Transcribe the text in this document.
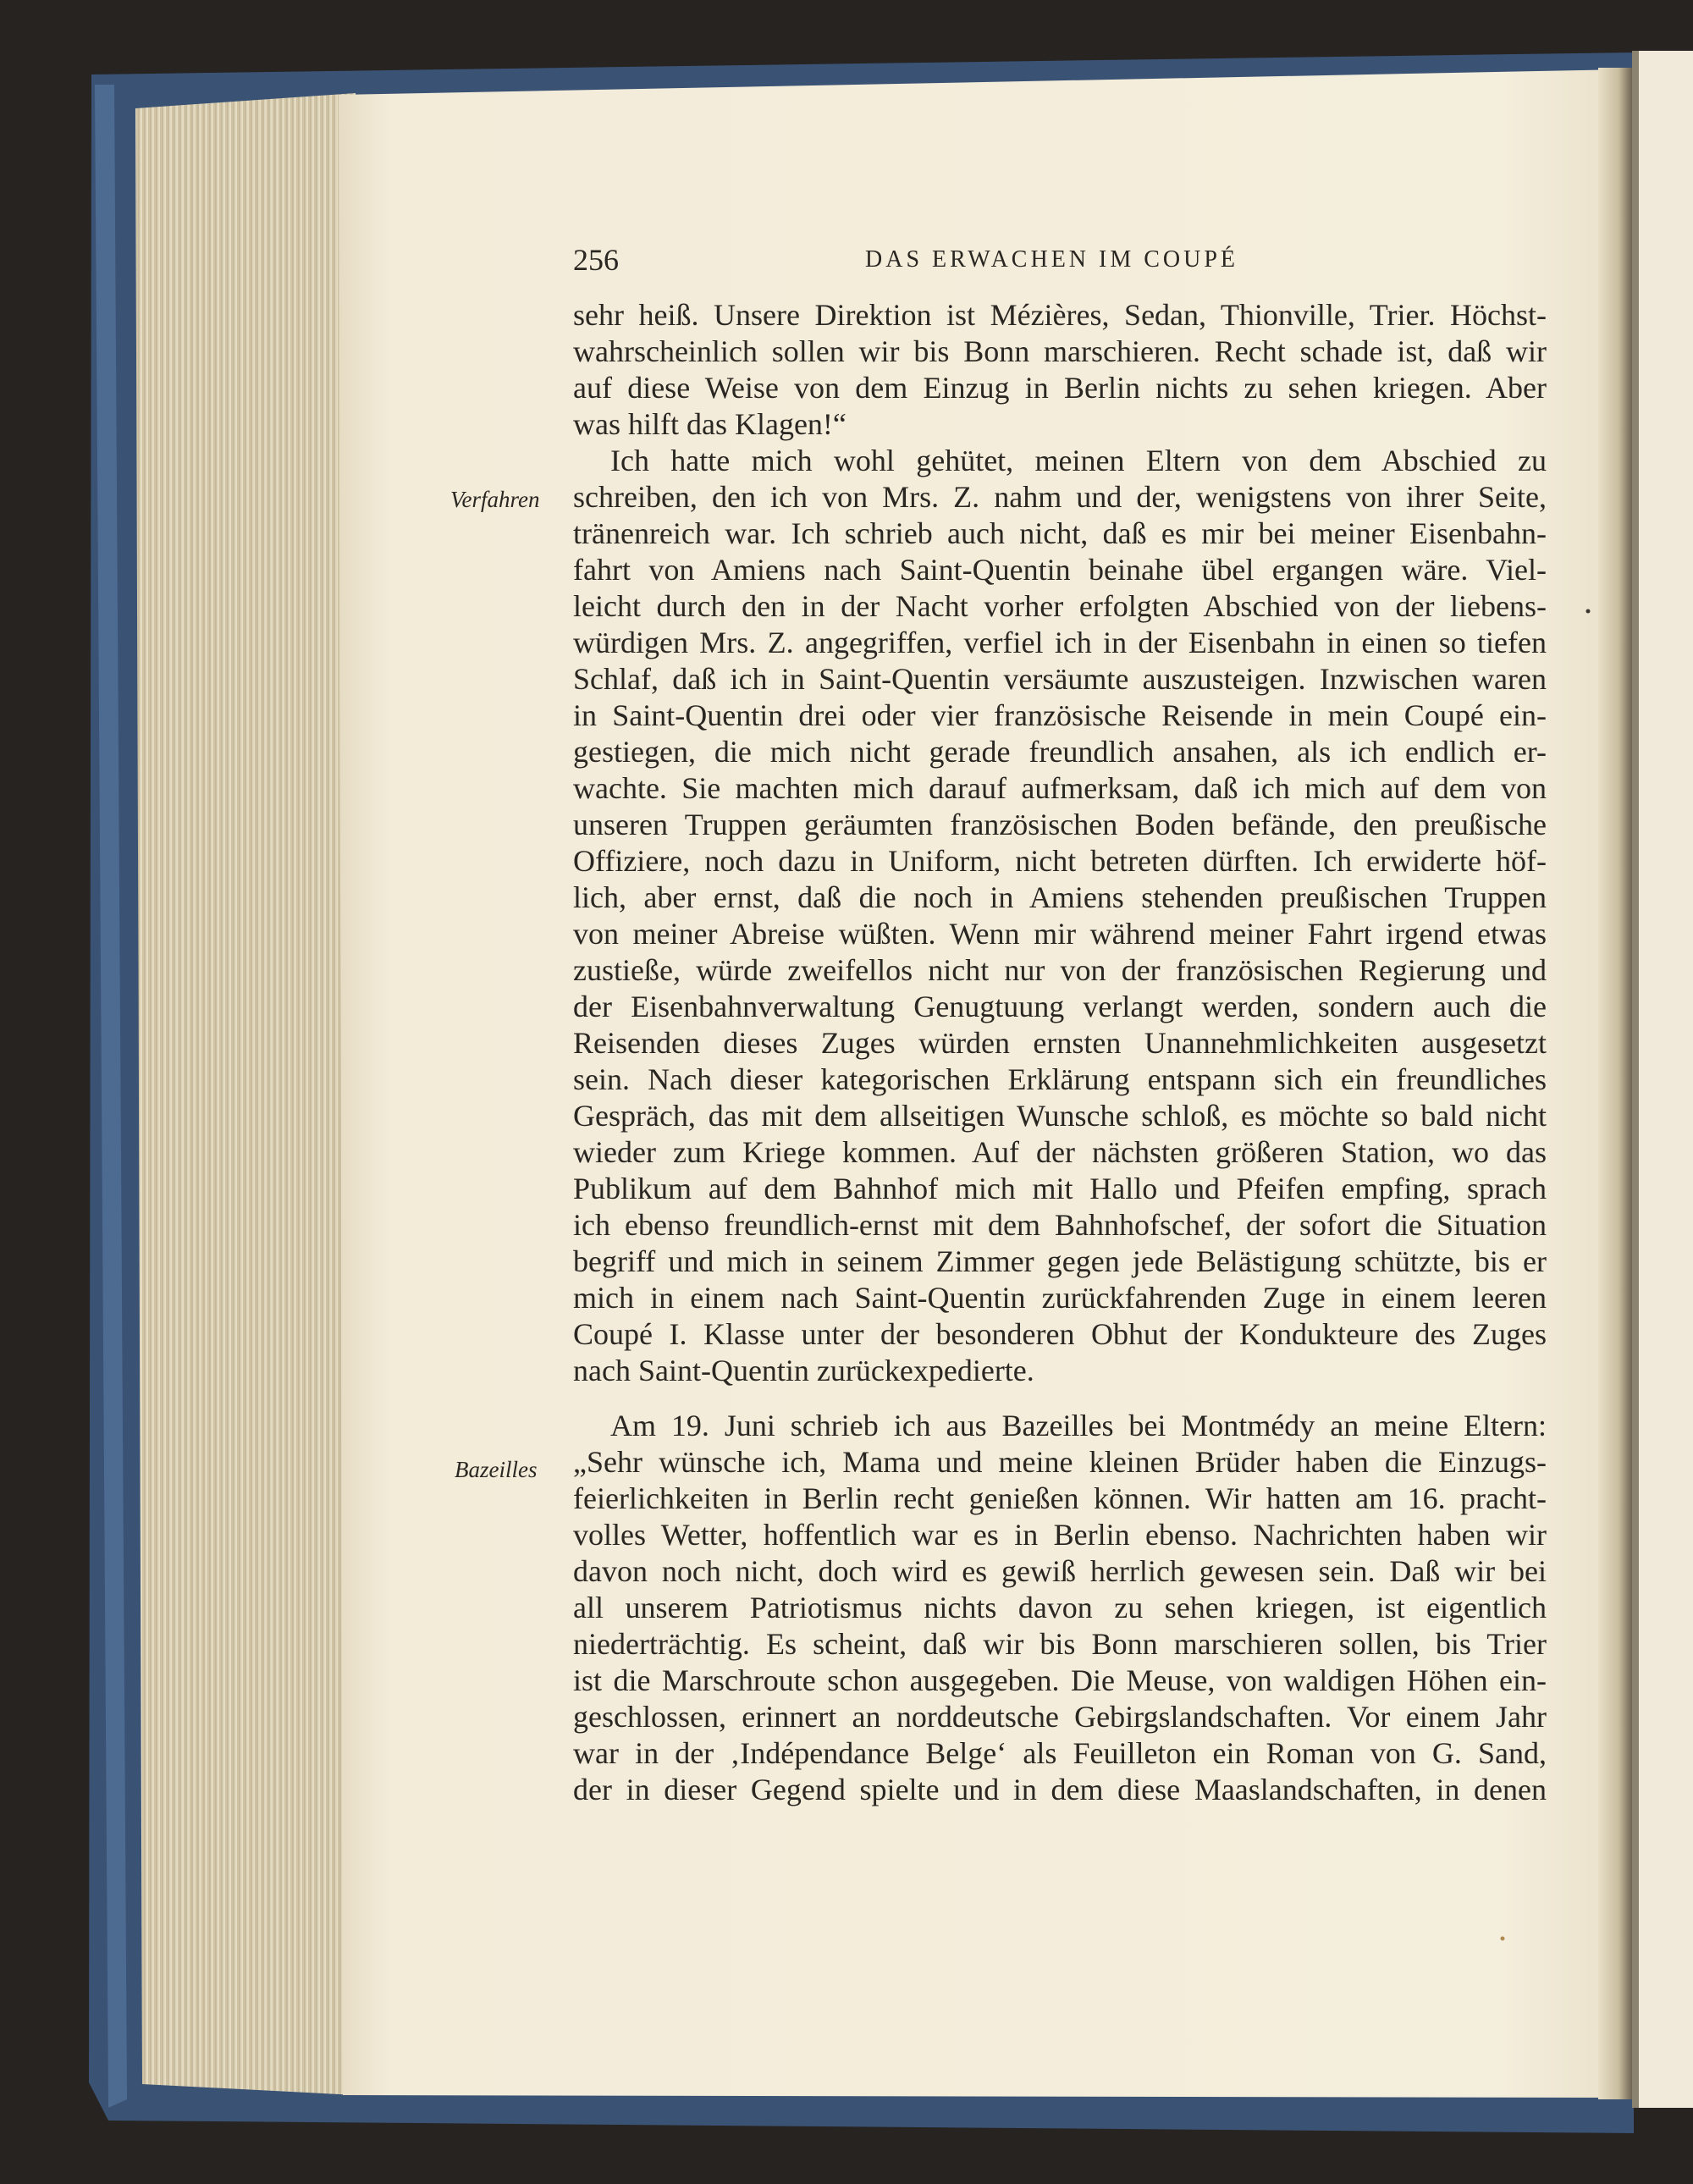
256	DAS ERWACHEN IM COUPÉ
Verfahren
Bazeilles
sehr heiß. Unsere Direktion ist Mézières, Sedan, Thionville, Trier. Höchst-
wahrscheinlich sollen wir bis Bonn marschieren. Recht schade ist, daß wir
auf diese Weise von dem Einzug in Berlin nichts zu sehen kriegen. Aber
was hilft das Klagen!“
Ich hatte mich wohl gehütet, meinen Eltern von dem Abschied zu
schreiben, den ich von Mrs. Z. nahm und der, wenigstens von ihrer Seite,
tränenreich war. Ich schrieb auch nicht, daß es mir bei meiner Eisenbahn-
fahrt von Amiens nach Saint-Quentin beinahe übel ergangen wäre. Viel-
leicht durch den in der Nacht vorher erfolgten Abschied von der liebens-
würdigen Mrs. Z. angegriffen, verfiel ich in der Eisenbahn in einen so tiefen
Schlaf, daß ich in Saint-Quentin versäumte auszusteigen. Inzwischen waren
in Saint-Quentin drei oder vier französische Reisende in mein Coupé ein-
gestiegen, die mich nicht gerade freundlich ansahen, als ich endlich er-
wachte. Sie machten mich darauf aufmerksam, daß ich mich auf dem von
unseren Truppen geräumten französischen Boden befände, den preußische
Offiziere, noch dazu in Uniform, nicht betreten dürften. Ich erwiderte höf-
lich, aber ernst, daß die noch in Amiens stehenden preußischen Truppen
von meiner Abreise wüßten. Wenn mir während meiner Fahrt irgend etwas
zustieße, würde zweifellos nicht nur von der französischen Regierung und
der Eisenbahnverwaltung Genugtuung verlangt werden, sondern auch die
Reisenden dieses Zuges würden ernsten Unannehmlichkeiten ausgesetzt
sein. Nach dieser kategorischen Erklärung entspann sich ein freundliches
Gespräch, das mit dem allseitigen Wunsche schloß, es möchte so bald nicht
wieder zum Kriege kommen. Auf der nächsten größeren Station, wo das
Publikum auf dem Bahnhof mich mit Hallo und Pfeifen empfing, sprach
ich ebenso freundlich-ernst mit dem Bahnhofschef, der sofort die Situation
begriff und mich in seinem Zimmer gegen jede Belästigung schützte, bis er
mich in einem nach Saint-Quentin zurückfahrenden Zuge in einem leeren
Coupé I. Klasse unter der besonderen Obhut der Kondukteure des Zuges
nach Saint-Quentin zurückexpedierte.
Am 19. Juni schrieb ich aus Bazeilles bei Montmédy an meine Eltern:
„Sehr wünsche ich, Mama und meine kleinen Brüder haben die Einzugs-
feierlichkeiten in Berlin recht genießen können. Wir hatten am 16. pracht-
volles Wetter, hoffentlich war es in Berlin ebenso. Nachrichten haben wir
davon noch nicht, doch wird es gewiß herrlich gewesen sein. Daß wir bei
all unserem Patriotismus nichts davon zu sehen kriegen, ist eigentlich
niederträchtig. Es scheint, daß wir bis Bonn marschieren sollen, bis Trier
ist die Marschroute schon ausgegeben. Die Meuse, von waldigen Höhen ein-
geschlossen, erinnert an norddeutsche Gebirgslandschaften. Vor einem Jahr
war in der ‚Indépendance Belge‘ als Feuilleton ein Roman von G. Sand,
der in dieser Gegend spielte und in dem diese Maaslandschaften, in denen
